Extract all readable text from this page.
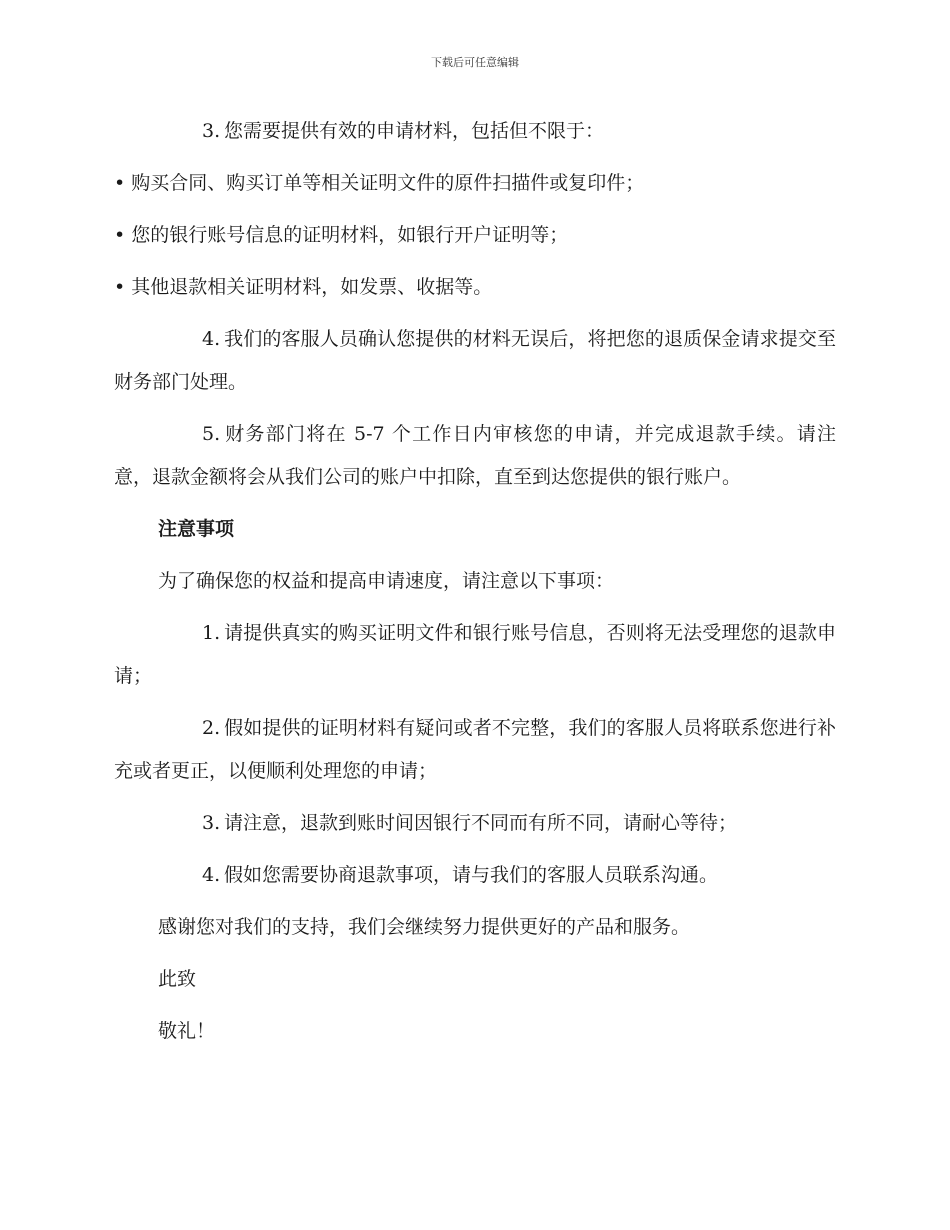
下载后可任意编辑

3. 您需要提供有效的申请材料，包括但不限于：

• 购买合同、购买订单等相关证明文件的原件扫描件或复印件；

• 您的银行账号信息的证明材料，如银行开户证明等；

• 其他退款相关证明材料，如发票、收据等。

4. 我们的客服人员确认您提供的材料无误后，将把您的退质保金请求提交至财务部门处理。

5. 财务部门将在 5-7 个工作日内审核您的申请，并完成退款手续。请注意，退款金额将会从我们公司的账户中扣除，直至到达您提供的银行账户。

注意事项

为了确保您的权益和提高申请速度，请注意以下事项：

1. 请提供真实的购买证明文件和银行账号信息，否则将无法受理您的退款申请；

2. 假如提供的证明材料有疑问或者不完整，我们的客服人员将联系您进行补充或者更正，以便顺利处理您的申请；

3. 请注意，退款到账时间因银行不同而有所不同，请耐心等待；

4. 假如您需要协商退款事项，请与我们的客服人员联系沟通。

感谢您对我们的支持，我们会继续努力提供更好的产品和服务。

此致

敬礼！
